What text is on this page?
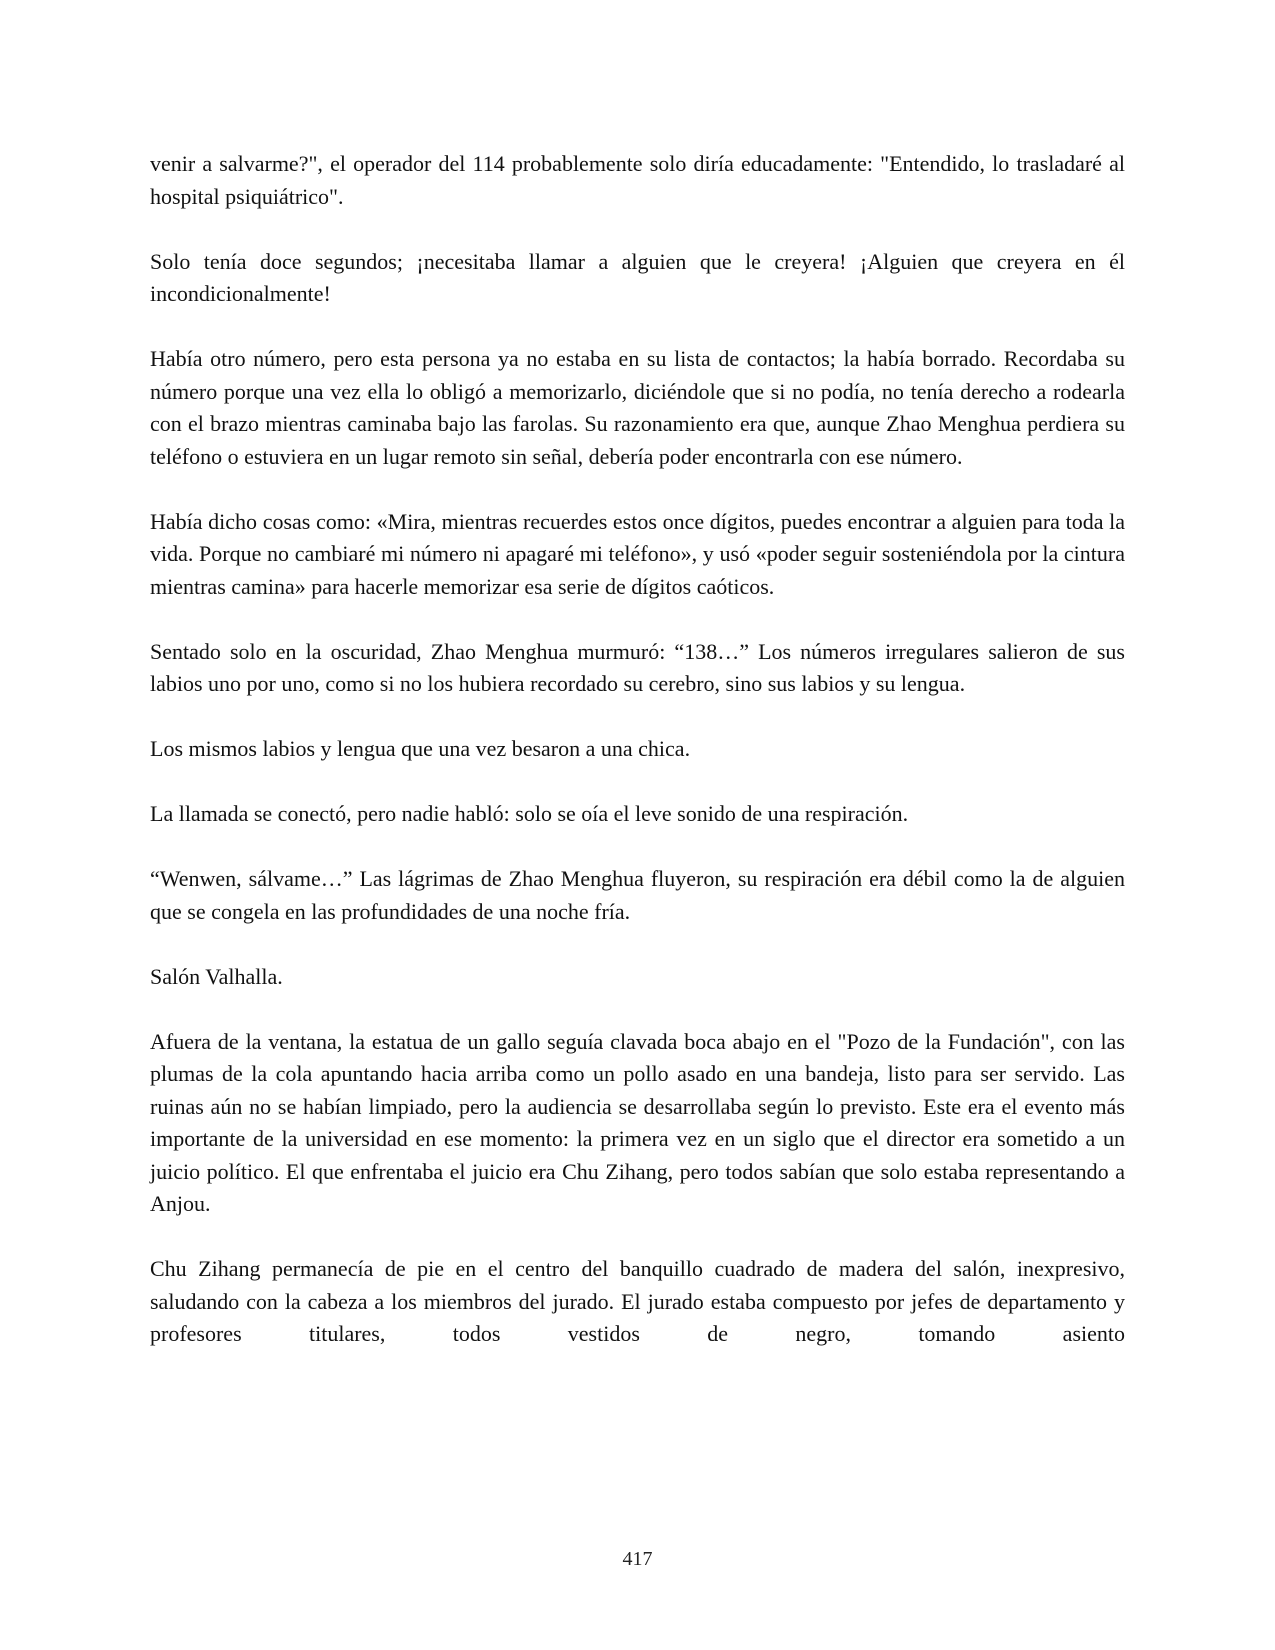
venir a salvarme?", el operador del 114 probablemente solo diría educadamente: "Entendido, lo trasladaré al hospital psiquiátrico".

Solo tenía doce segundos; ¡necesitaba llamar a alguien que le creyera! ¡Alguien que creyera en él incondicionalmente!

Había otro número, pero esta persona ya no estaba en su lista de contactos; la había borrado. Recordaba su número porque una vez ella lo obligó a memorizarlo, diciéndole que si no podía, no tenía derecho a rodearla con el brazo mientras caminaba bajo las farolas. Su razonamiento era que, aunque Zhao Menghua perdiera su teléfono o estuviera en un lugar remoto sin señal, debería poder encontrarla con ese número.

Había dicho cosas como: «Mira, mientras recuerdes estos once dígitos, puedes encontrar a alguien para toda la vida. Porque no cambiaré mi número ni apagaré mi teléfono», y usó «poder seguir sosteniéndola por la cintura mientras camina» para hacerle memorizar esa serie de dígitos caóticos.

Sentado solo en la oscuridad, Zhao Menghua murmuró: “138…” Los números irregulares salieron de sus labios uno por uno, como si no los hubiera recordado su cerebro, sino sus labios y su lengua.

Los mismos labios y lengua que una vez besaron a una chica.

La llamada se conectó, pero nadie habló: solo se oía el leve sonido de una respiración.

“Wenwen, sálvame…” Las lágrimas de Zhao Menghua fluyeron, su respiración era débil como la de alguien que se congela en las profundidades de una noche fría.

Salón Valhalla.

Afuera de la ventana, la estatua de un gallo seguía clavada boca abajo en el "Pozo de la Fundación", con las plumas de la cola apuntando hacia arriba como un pollo asado en una bandeja, listo para ser servido. Las ruinas aún no se habían limpiado, pero la audiencia se desarrollaba según lo previsto. Este era el evento más importante de la universidad en ese momento: la primera vez en un siglo que el director era sometido a un juicio político. El que enfrentaba el juicio era Chu Zihang, pero todos sabían que solo estaba representando a Anjou.

Chu Zihang permanecía de pie en el centro del banquillo cuadrado de madera del salón, inexpresivo, saludando con la cabeza a los miembros del jurado. El jurado estaba compuesto por jefes de departamento y profesores titulares, todos vestidos de negro, tomando asiento

417
